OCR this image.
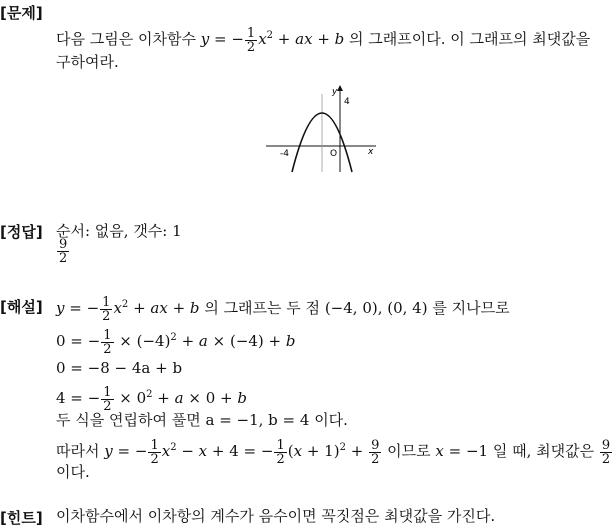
[문제]
다음 그림은 이차함수 y = − $\frac{1}{2} x^2$ + ax + b 의 그래프이다. 이 그래프의 최댓값을
구하여라.
y
4
-4	O	x
[정답] 순서: 없음, 갯수: 1
$\frac{9}{2}$
[해설] y = − $\frac{1}{2} x^2$ + ax + b 의 그래프는 두 점 (−4, 0), (0, 4) 를 지나므로
0 = − $\frac{1}{2} \times (-4)^2 + a \times (-4) + b$
0 = −8 − 4a + b
4 = − $\frac{1}{2} \times 0^2 + a \times 0 + b$
두 식을 연립하여 풀면 a = −1, b = 4 이다.
따라서 y = − $\frac{1}{2} x^2 - x + 4$ = − $\frac{1}{2} (x + 1)^2 + \frac{9}{2}$ 이므로 x = −1 일 때, 최댓값은 $\frac{9}{2}$
이다.
[힌트] 이차함수에서 이차항의 계수가 음수이면 꼭짓점은 최댓값을 가진다.
